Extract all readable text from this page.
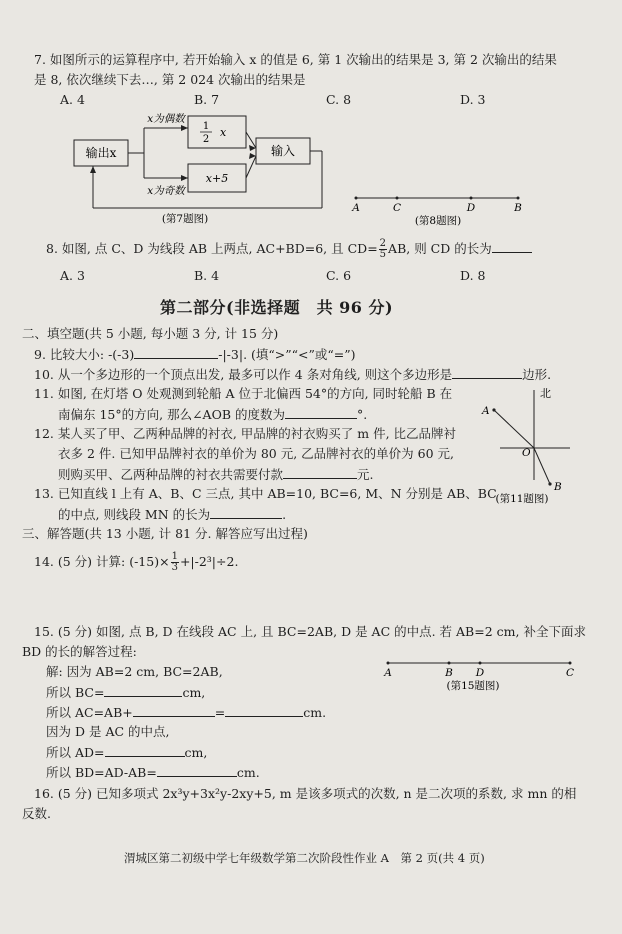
7. 如图所示的运算程序中, 若开始输入 x 的值是 6, 第 1 次输出的结果是 3, 第 2 次输出的结果
是 8, 依次继续下去…, 第 2 024 次输出的结果是
A. 4	B. 7	C. 8	D. 3
输出x	输入
x为偶数
x为奇数
1
2
x
x+5
(第7题图)
A	C	D	B
(第8题图)
8. 如图, 点 C、D 为线段 AB 上两点, AC+BD=6, 且 $CD= \frac{2}{5}$ AB, 则 CD 的长为
A. 3	B. 4	C. 6	D. 8
第二部分(非选择题　共 96 分)
二、填空题(共 5 小题, 每小题 3 分, 计 15 分)
9. 比较大小: -(-3)	-|-3|. (填“>”“<”或“=”)
10. 从一个多边形的一个顶点出发, 最多可以作 4 条对角线, 则这个多边形是	边形.
11. 如图, 在灯塔 O 处观测到轮船 A 位于北偏西 54°的方向, 同时轮船 B 在
南偏东 15°的方向, 那么∠AOB 的度数为	°.
12. 某人买了甲、乙两种品牌的衬衣, 甲品牌的衬衣购买了 m 件, 比乙品牌衬
衣多 2 件. 已知甲品牌衬衣的单价为 80 元, 乙品牌衬衣的单价为 60 元,
则购买甲、乙两种品牌的衬衣共需要付款	元.
13. 已知直线 l 上有 A、B、C 三点, 其中 AB=10, BC=6, M、N 分别是 AB、BC
的中点, 则线段 MN 的长为	.
北
A
O
B
(第11题图)
三、解答题(共 13 小题, 计 81 分. 解答应写出过程)
14. (5 分) 计算: $(-15)\times \frac{1}{3} +|-2^3|\div 2$.
15. (5 分) 如图, 点 B, D 在线段 AC 上, 且 BC=2AB, D 是 AC 的中点. 若 AB=2 cm, 补全下面求
BD 的长的解答过程:
解: 因为 AB=2 cm, BC=2AB,
所以 BC=	cm,
所以 AC=AB+	=	cm.
因为 D 是 AC 的中点,
所以 AD=	cm,
所以 BD=AD-AB=	cm.
A	B D	C
(第15题图)
16. (5 分) 已知多项式 2x³y+3x²y-2xy+5, m 是该多项式的次数, n 是二次项的系数, 求 mn 的相
反数.
渭城区第二初级中学七年级数学第二次阶段性作业 A　第 2 页(共 4 页)
